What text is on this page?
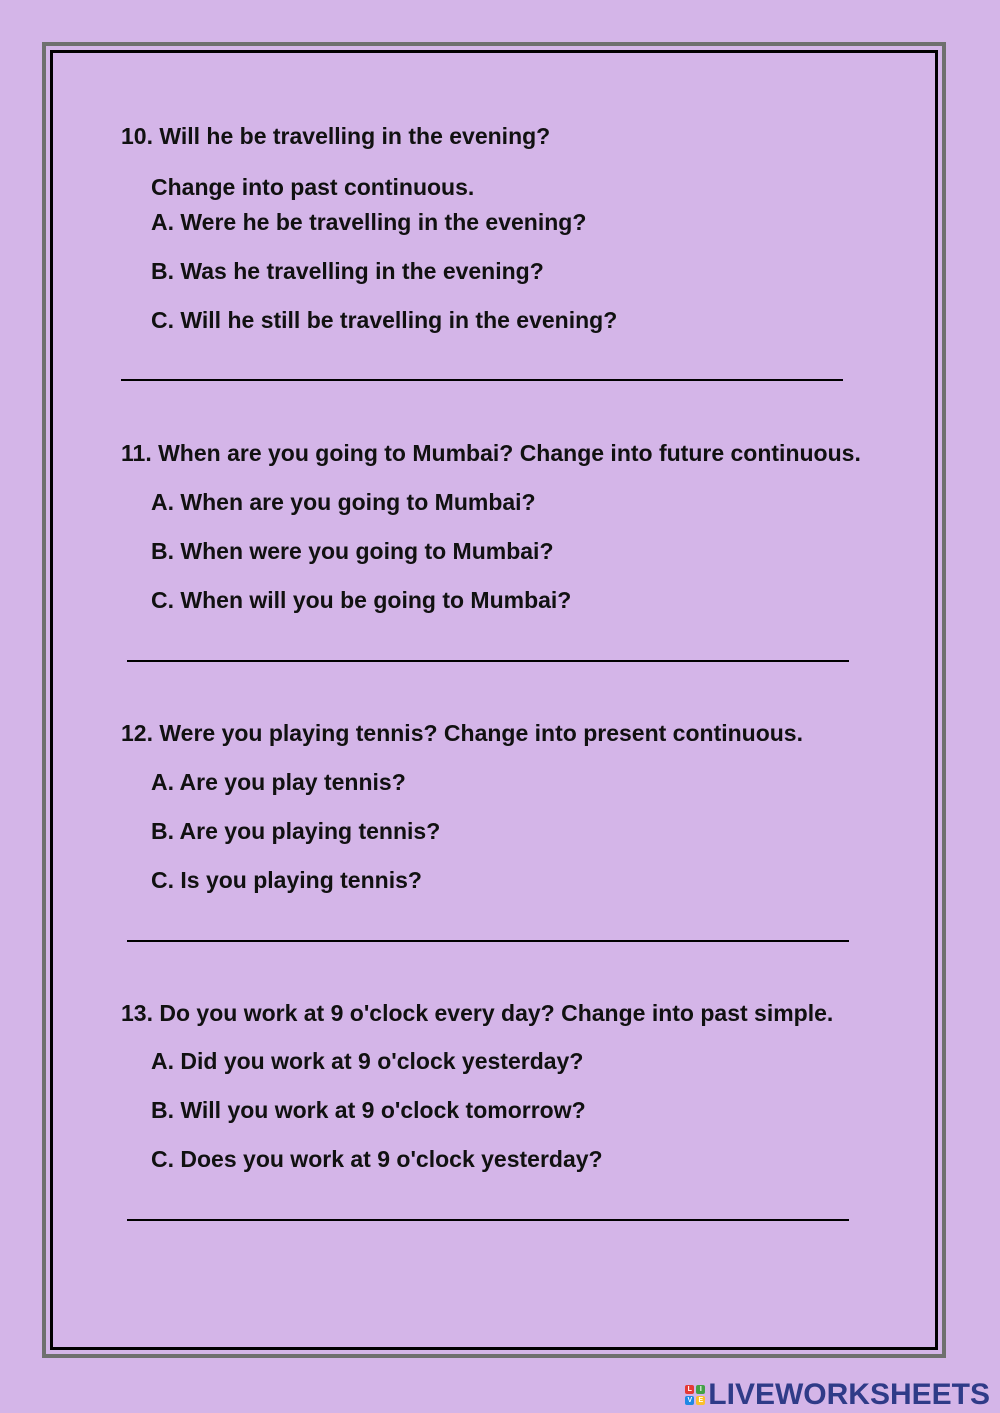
10. Will he be travelling in the evening?
Change into past continuous.
A. Were he be travelling in the evening?
B. Was he travelling in the evening?
C. Will he still be travelling in the evening?
11. When are you going to Mumbai? Change into future continuous.
A. When are you going to Mumbai?
B. When were you going to Mumbai?
C. When will you be going to Mumbai?
12. Were you playing tennis? Change into present continuous.
A. Are you play tennis?
B. Are you playing tennis?
C. Is you playing tennis?
13. Do you work at 9 o'clock every day? Change into past simple.
A. Did you work at 9 o'clock yesterday?
B. Will you work at 9 o'clock tomorrow?
C. Does you work at 9 o'clock yesterday?
L	I
V E LIVEWORKSHEETS
